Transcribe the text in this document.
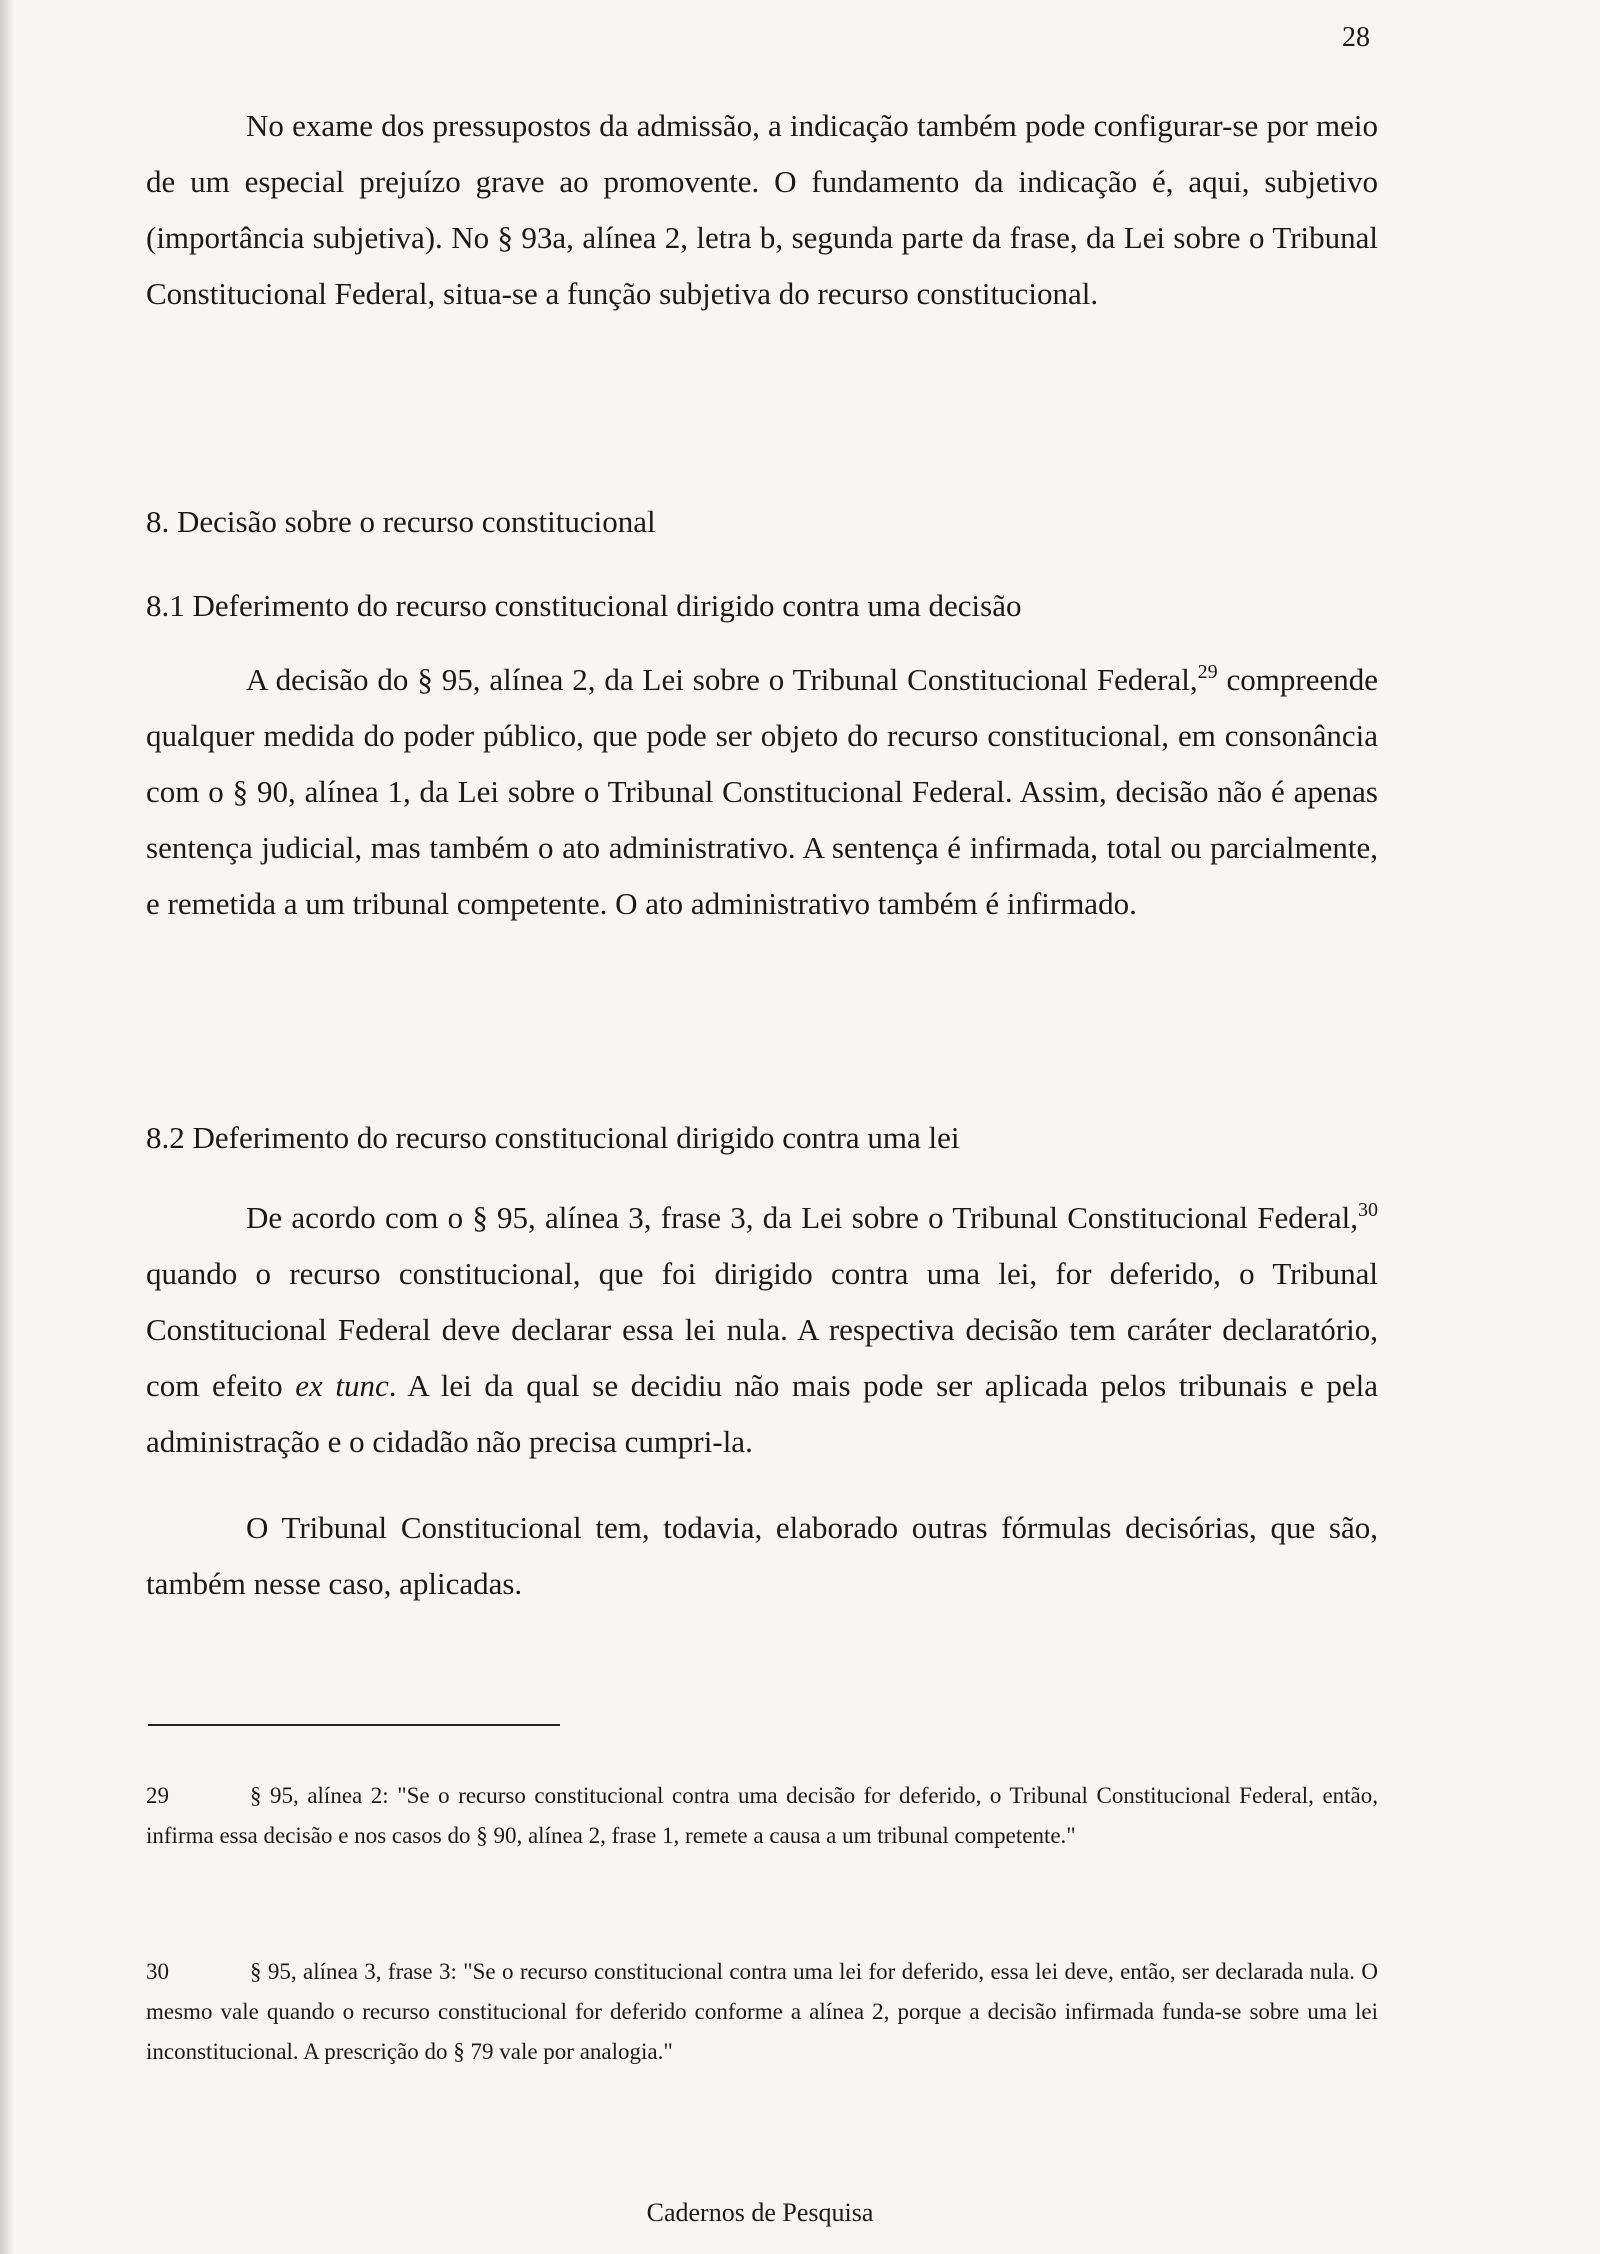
28

No exame dos pressupostos da admissão, a indicação também pode configurar-se por meio de um especial prejuízo grave ao promovente. O fundamento da indicação é, aqui, subjetivo (importância subjetiva). No § 93a, alínea 2, letra b, segunda parte da frase, da Lei sobre o Tribunal Constitucional Federal, situa-se a função subjetiva do recurso constitucional.

8. Decisão sobre o recurso constitucional
8.1 Deferimento do recurso constitucional dirigido contra uma decisão

A decisão do § 95, alínea 2, da Lei sobre o Tribunal Constitucional Federal,$^{29}$ compreende qualquer medida do poder público, que pode ser objeto do recurso constitucional, em consonância com o § 90, alínea 1, da Lei sobre o Tribunal Constitucional Federal. Assim, decisão não é apenas sentença judicial, mas também o ato administrativo. A sentença é infirmada, total ou parcialmente, e remetida a um tribunal competente. O ato administrativo também é infirmado.

8.2 Deferimento do recurso constitucional dirigido contra uma lei

De acordo com o § 95, alínea 3, frase 3, da Lei sobre o Tribunal Constitucional Federal,$^{30}$ quando o recurso constitucional, que foi dirigido contra uma lei, for deferido, o Tribunal Constitucional Federal deve declarar essa lei nula. A respectiva decisão tem caráter declaratório, com efeito ex tunc. A lei da qual se decidiu não mais pode ser aplicada pelos tribunais e pela administração e o cidadão não precisa cumpri-la.

O Tribunal Constitucional tem, todavia, elaborado outras fórmulas decisórias, que são, também nesse caso, aplicadas.

29	§ 95, alínea 2: "Se o recurso constitucional contra uma decisão for deferido, o Tribunal Constitucional Federal, então, infirma essa decisão e nos casos do § 90, alínea 2, frase 1, remete a causa a um tribunal competente."
30	§ 95, alínea 3, frase 3: "Se o recurso constitucional contra uma lei for deferido, essa lei deve, então, ser declarada nula. O mesmo vale quando o recurso constitucional for deferido conforme a alínea 2, porque a decisão infirmada funda-se sobre uma lei inconstitucional. A prescrição do § 79 vale por analogia."
Cadernos de Pesquisa
